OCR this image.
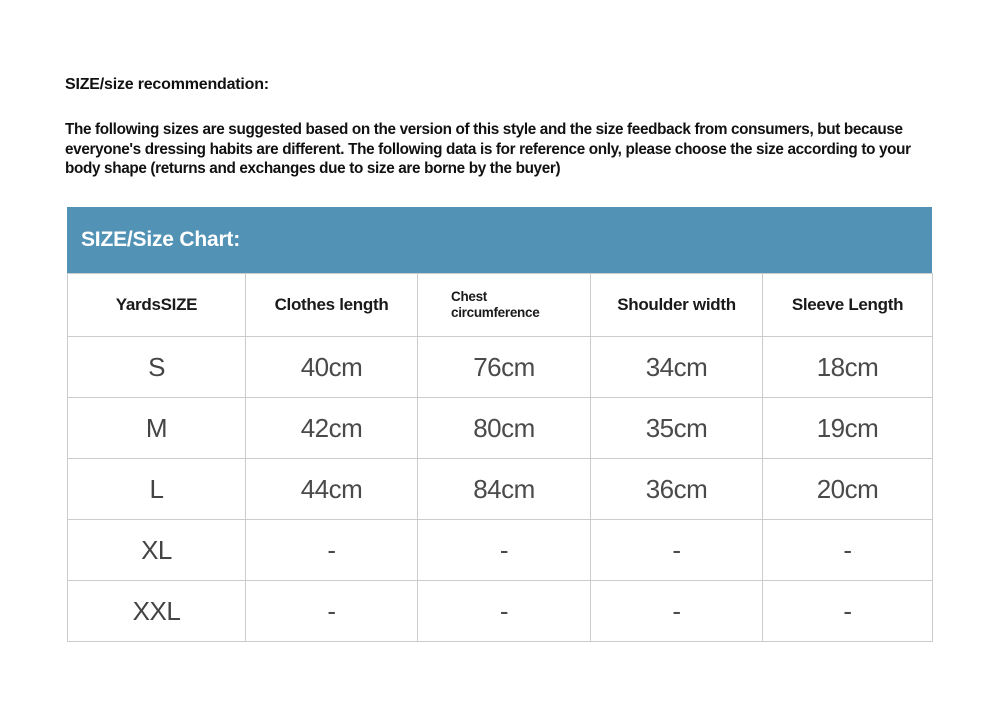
SIZE/size recommendation:

The following sizes are suggested based on the version of this style and the size feedback from consumers, but because everyone's dressing habits are different. The following data is for reference only, please choose the size according to your body shape (returns and exchanges due to size are borne by the buyer)

SIZE/Size Chart:
YardsSIZE	Clothes length	Chest circumference	Shoulder width	Sleeve Length
S	40cm	76cm	34cm	18cm
M	42cm	80cm	35cm	19cm
L	44cm	84cm	36cm	20cm
XL	-	-	-	-
XXL	-	-	-	-
